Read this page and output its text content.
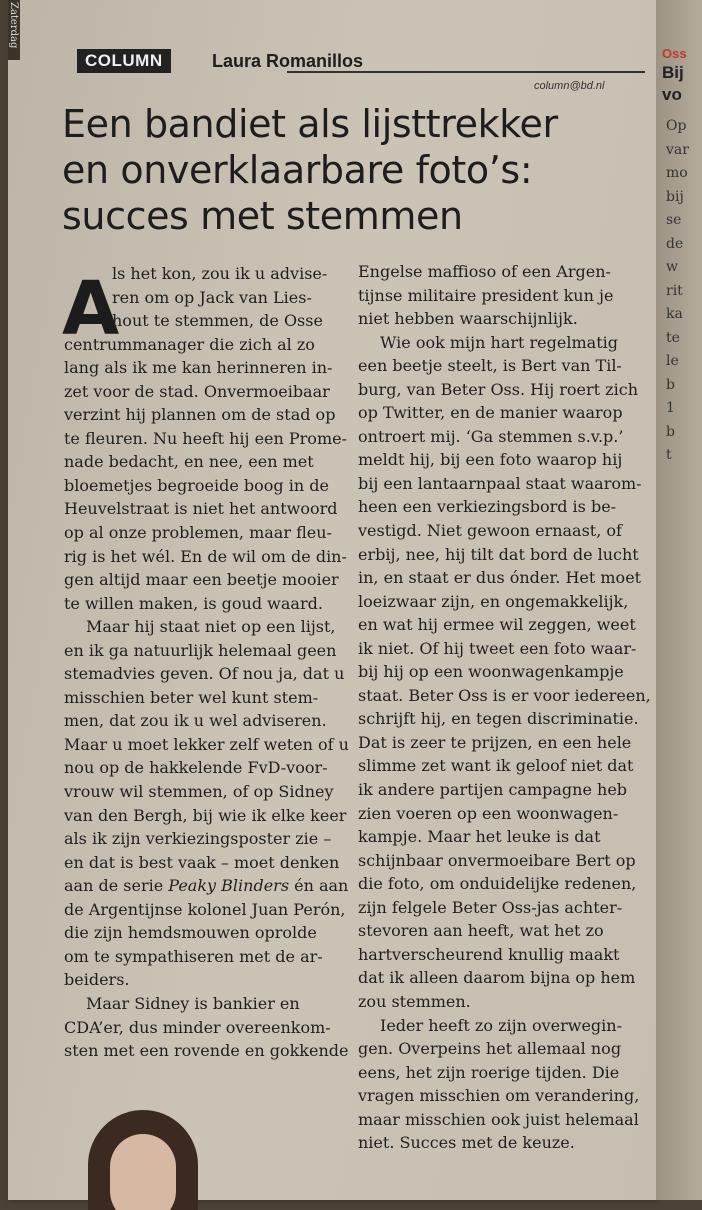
Zaterdag
COLUMN	Laura Romanillos
column@bd.nl
Een bandiet als lijsttrekker
en onverklaarbare foto’s:
succes met stemmen
A
ls het kon, zou ik u advise-
ren om op Jack van Lies-
hout te stemmen, de Osse
centrummanager die zich al zo
lang als ik me kan herinneren in-
zet voor de stad. Onvermoeibaar
verzint hij plannen om de stad op
te fleuren. Nu heeft hij een Prome-
nade bedacht, en nee, een met
bloemetjes begroeide boog in de
Heuvelstraat is niet het antwoord
op al onze problemen, maar fleu-
rig is het wél. En de wil om de din-
gen altijd maar een beetje mooier
te willen maken, is goud waard.
Maar hij staat niet op een lijst,
en ik ga natuurlijk helemaal geen
stemadvies geven. Of nou ja, dat u
misschien beter wel kunt stem-
men, dat zou ik u wel adviseren.
Maar u moet lekker zelf weten of u
nou op de hakkelende FvD-voor-
vrouw wil stemmen, of op Sidney
van den Bergh, bij wie ik elke keer
als ik zijn verkiezingsposter zie –
en dat is best vaak – moet denken
aan de serie Peaky Blinders én aan
de Argentijnse kolonel Juan Perón,
die zijn hemdsmouwen oprolde
om te sympathiseren met de ar-
beiders.
Maar Sidney is bankier en
CDA’er, dus minder overeenkom-
sten met een rovende en gokkende
Engelse maffioso of een Argen-
tijnse militaire president kun je
niet hebben waarschijnlijk.
Wie ook mijn hart regelmatig
een beetje steelt, is Bert van Til-
burg, van Beter Oss. Hij roert zich
op Twitter, en de manier waarop
ontroert mij. ‘Ga stemmen s.v.p.’
meldt hij, bij een foto waarop hij
bij een lantaarnpaal staat waarom-
heen een verkiezingsbord is be-
vestigd. Niet gewoon ernaast, of
erbij, nee, hij tilt dat bord de lucht
in, en staat er dus ónder. Het moet
loeizwaar zijn, en ongemakkelijk,
en wat hij ermee wil zeggen, weet
ik niet. Of hij tweet een foto waar-
bij hij op een woonwagenkampje
staat. Beter Oss is er voor iedereen,
schrijft hij, en tegen discriminatie.
Dat is zeer te prijzen, en een hele
slimme zet want ik geloof niet dat
ik andere partijen campagne heb
zien voeren op een woonwagen-
kampje. Maar het leuke is dat
schijnbaar onvermoeibare Bert op
die foto, om onduidelijke redenen,
zijn felgele Beter Oss-jas achter-
stevoren aan heeft, wat het zo
hartverscheurend knullig maakt
dat ik alleen daarom bijna op hem
zou stemmen.
Ieder heeft zo zijn overwegin-
gen. Overpeins het allemaal nog
eens, het zijn roerige tijden. Die
vragen misschien om verandering,
maar misschien ook juist helemaal
niet. Succes met de keuze.
Oss
Bij
vo
Op
var
mo
bij
se
de
w
rit
ka
te
le
b
1
b
t
